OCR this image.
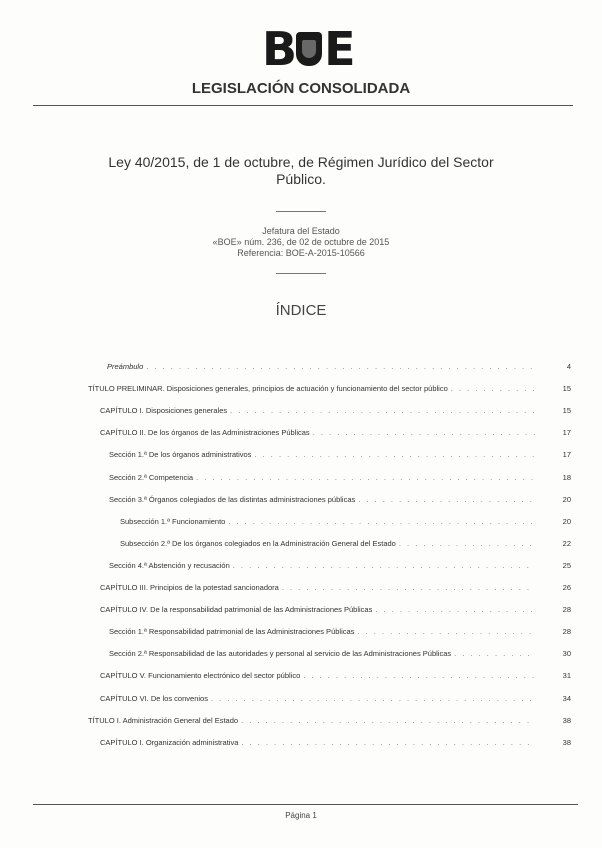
B E
LEGISLACIÓN CONSOLIDADA
Ley 40/2015, de 1 de octubre, de Régimen Jurídico del Sector Público.
Jefatura del Estado
«BOE» núm. 236, de 02 de octubre de 2015
Referencia: BOE-A-2015-10566
ÍNDICE
Preámbulo . . .	4
TÍTULO PRELIMINAR. Disposiciones generales, principios de actuación y funcionamiento del sector público . . .	15
CAPÍTULO I. Disposiciones generales . . .	15
CAPÍTULO II. De los órganos de las Administraciones Públicas . . .	17
Sección 1.ª De los órganos administrativos . . .	17
Sección 2.ª Competencia . . .	18
Sección 3.ª Órganos colegiados de las distintas administraciones públicas . . .	20
Subsección 1.ª Funcionamiento . . .	20
Subsección 2.ª De los órganos colegiados en la Administración General del Estado . . .	22
Sección 4.ª Abstención y recusación . . .	25
CAPÍTULO III. Principios de la potestad sancionadora . . .	26
CAPÍTULO IV. De la responsabilidad patrimonial de las Administraciones Públicas . . .	28
Sección 1.ª Responsabilidad patrimonial de las Administraciones Públicas . . .	28
Sección 2.ª Responsabilidad de las autoridades y personal al servicio de las Administraciones Públicas . . .	30
CAPÍTULO V. Funcionamiento electrónico del sector público . . .	31
CAPÍTULO VI. De los convenios . . .	34
TÍTULO I. Administración General del Estado . . .	38
CAPÍTULO I. Organización administrativa . . .	38
Página 1
